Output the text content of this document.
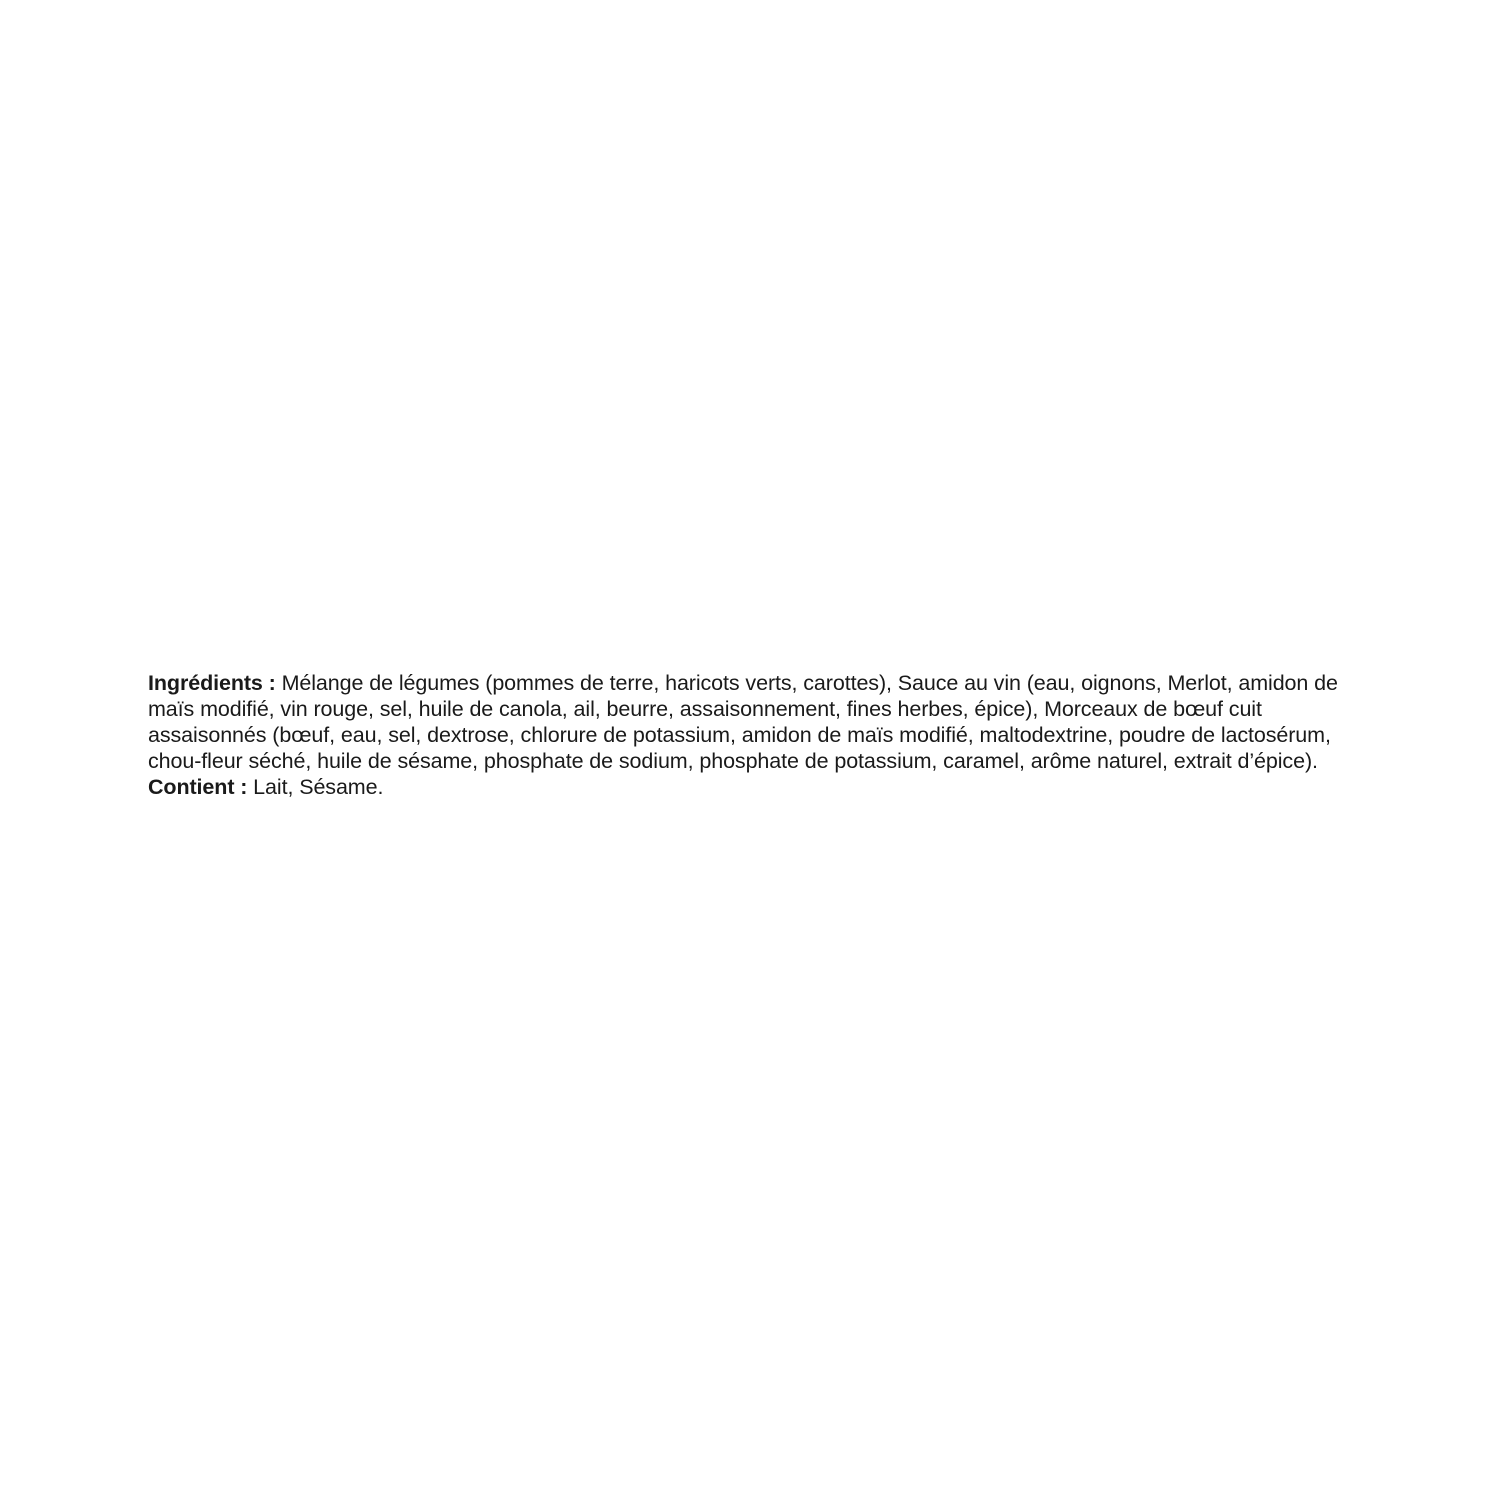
Ingrédients : Mélange de légumes (pommes de terre, haricots verts, carottes), Sauce au vin (eau, oignons, Merlot, amidon de maïs modifié, vin rouge, sel, huile de canola, ail, beurre, assaisonnement, fines herbes, épice), Morceaux de bœuf cuit assaisonnés (bœuf, eau, sel, dextrose, chlorure de potassium, amidon de maïs modifié, maltodextrine, poudre de lactosérum, chou-fleur séché, huile de sésame, phosphate de sodium, phosphate de potassium, caramel, arôme naturel, extrait d’épice).

Contient : Lait, Sésame.
